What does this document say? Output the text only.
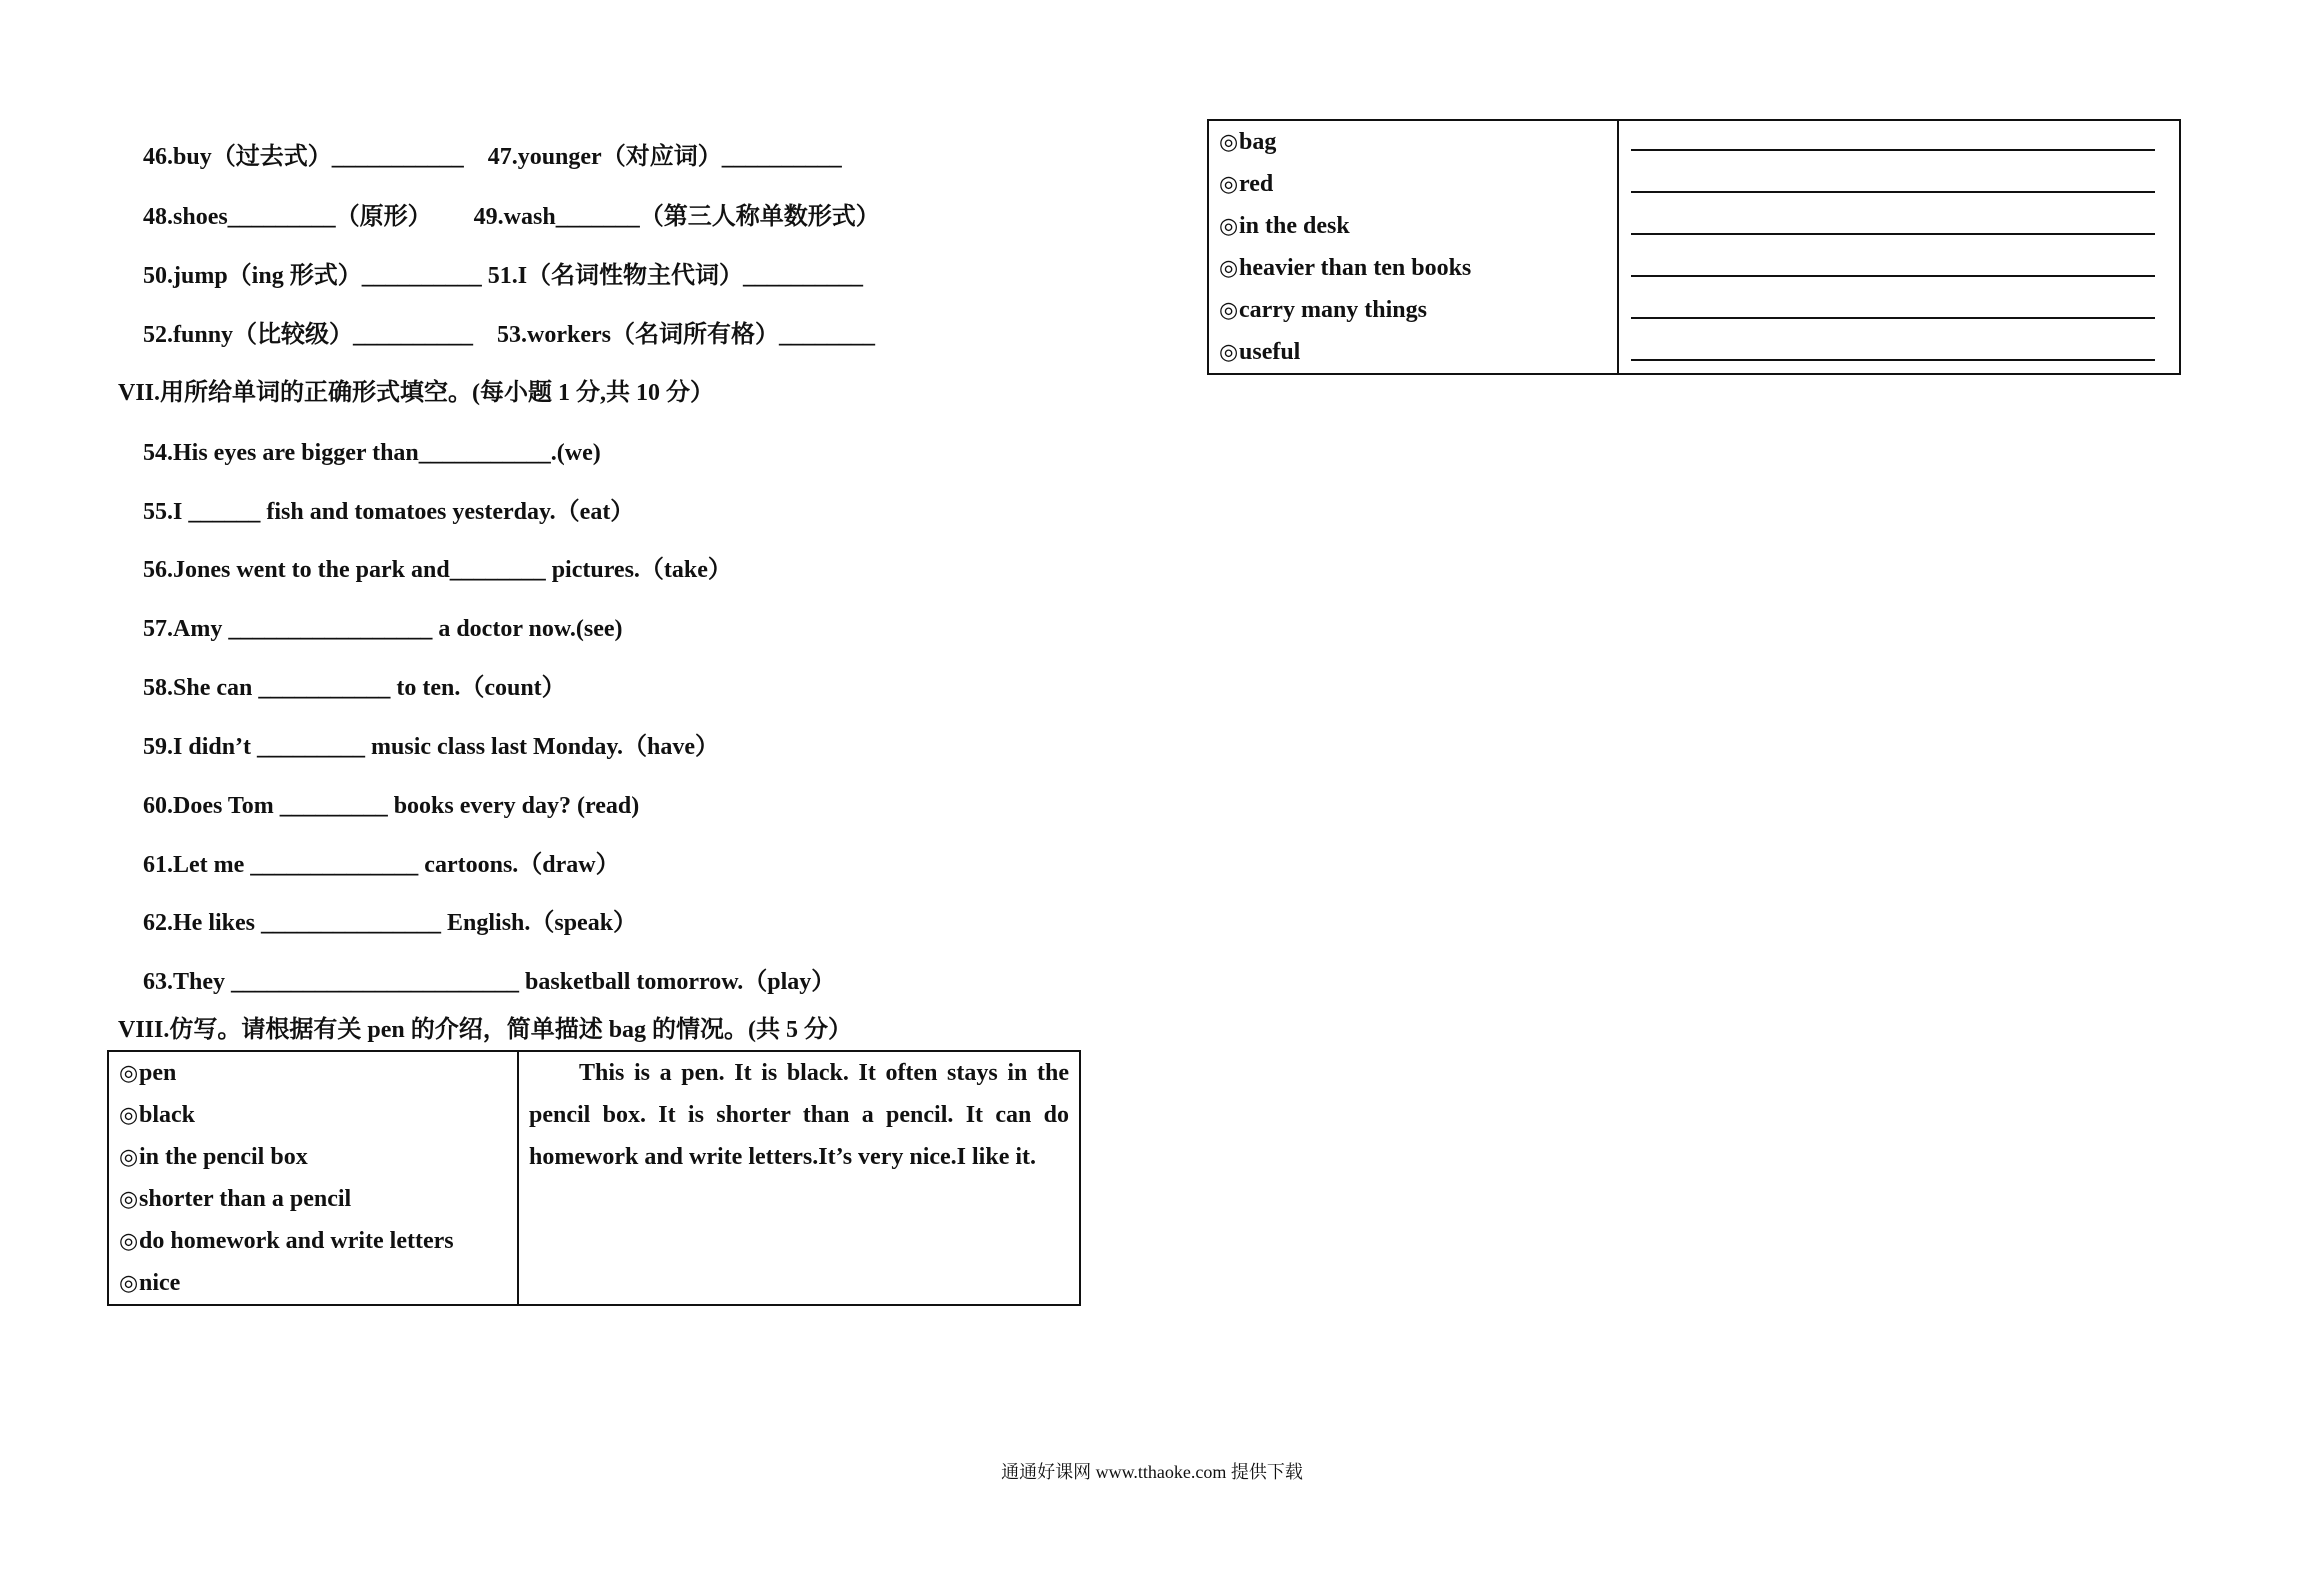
46.buy（过去式）___________    47.younger（对应词）__________
48.shoes_________（原形）       49.wash_______（第三人称单数形式）
50.jump（ing 形式）__________ 51.I（名词性物主代词）__________
52.funny（比较级）__________    53.workers（名词所有格）________
VII.用所给单词的正确形式填空。(每小题 1 分,共 10 分）
54.His eyes are bigger than___________.(we)
55.I ______ fish and tomatoes yesterday.（eat）
56.Jones went to the park and________ pictures.（take）
57.Amy _________________ a doctor now.(see)
58.She can ___________ to ten.（count）
59.I didn’t _________ music class last Monday.（have）
60.Does Tom _________ books every day? (read)
61.Let me ______________ cartoons.（draw）
62.He likes _______________ English.（speak）
63.They ________________________ basketball tomorrow.（play）
VIII.仿写。请根据有关 pen 的介绍，简单描述 bag 的情况。(共 5 分）
◎pen
◎black
◎in the pencil box
◎shorter than a pencil
◎do homework and write letters
◎nice

This is a pen. It is black. It often stays in the pencil box. It is shorter than a pencil. It can do homework and write letters.It’s very nice.I like it.
◎bag
◎red
◎in the desk
◎heavier than ten books
◎carry many things
◎useful

通通好课网 www.tthaoke.com 提供下载
